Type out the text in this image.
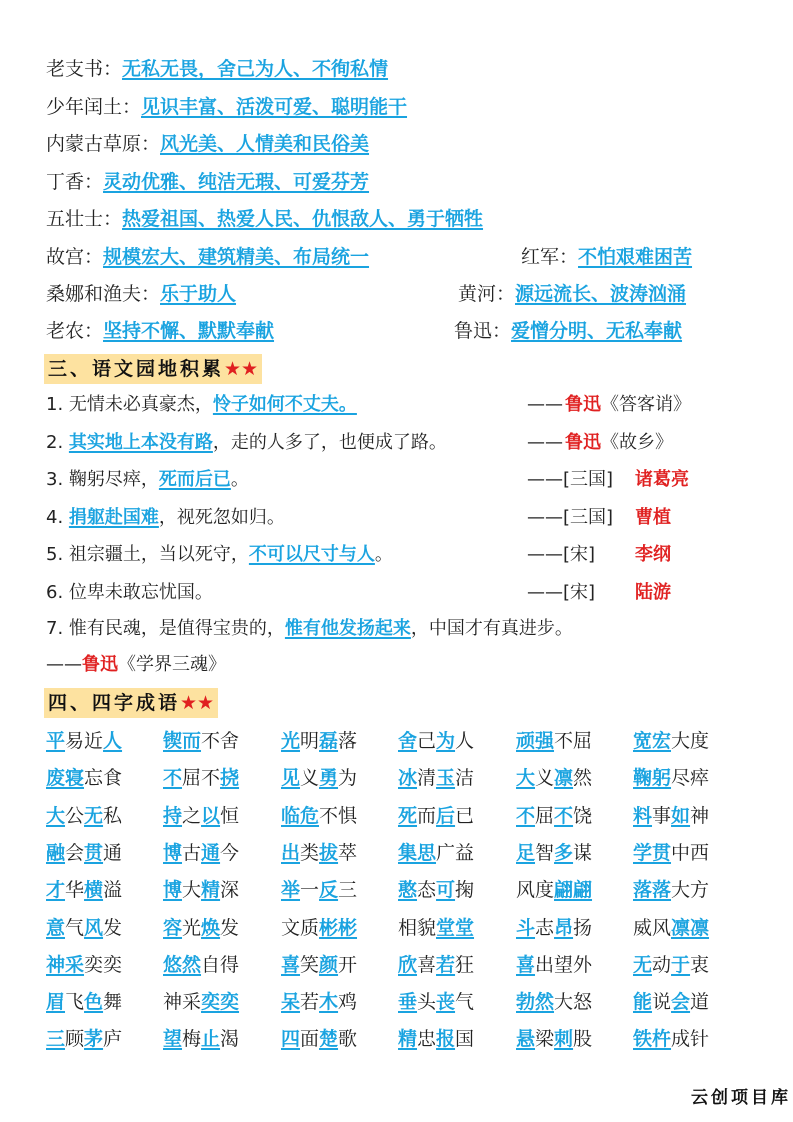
老支书：无私无畏，舍己为人、不徇私情
少年闰土：见识丰富、活泼可爱、聪明能干
内蒙古草原：风光美、人情美和民俗美
丁香：灵动优雅、纯洁无瑕、可爱芬芳
五壮士：热爱祖国、热爱人民、仇恨敌人、勇于牺牲
故宫：规模宏大、建筑精美、布局统一	红军：不怕艰难困苦
桑娜和渔夫：乐于助人	黄河：源远流长、波涛汹涌
老农：坚持不懈、默默奉献	鲁迅：爱憎分明、无私奉献
三、语文园地积累★★
1. 无情未必真豪杰，怜子如何不丈夫。	—— 鲁迅《答客诮》
2. 其实地上本没有路，走的人多了，也便成了路。	—— 鲁迅《故乡》
3. 鞠躬尽瘁，死而后已。	——[三国] 诸葛亮
4. 捐躯赴国难，视死忽如归。	——[三国] 曹植
5. 祖宗疆土，当以死守，不可以尺寸与人。	——[宋] 李纲
6. 位卑未敢忘忧国。	——[宋] 陆游
7. 惟有民魂，是值得宝贵的，惟有他发扬起来，中国才有真进步。
——鲁迅《学界三魂》
四、四字成语★★
平易近人 锲而不舍 光明磊落 舍己为人 顽强不屈 宽宏大度
废寝忘食 不屈不挠 见义勇为 冰清玉洁 大义凛然 鞠躬尽瘁
大公无私 持之以恒 临危不惧 死而后已 不屈不饶 料事如神
融会贯通 博古通今 出类拔萃 集思广益 足智多谋 学贯中西
才华横溢 博大精深 举一反三 憨态可掬 风度翩翩 落落大方
意气风发 容光焕发 文质彬彬 相貌堂堂 斗志昂扬 威风凛凛
神采奕奕 悠然自得 喜笑颜开 欣喜若狂 喜出望外 无动于衷
眉飞色舞 神采奕奕 呆若木鸡 垂头丧气 勃然大怒 能说会道
三顾茅庐 望梅止渴 四面楚歌 精忠报国 悬梁刺股 铁杵成针
云创项目库
